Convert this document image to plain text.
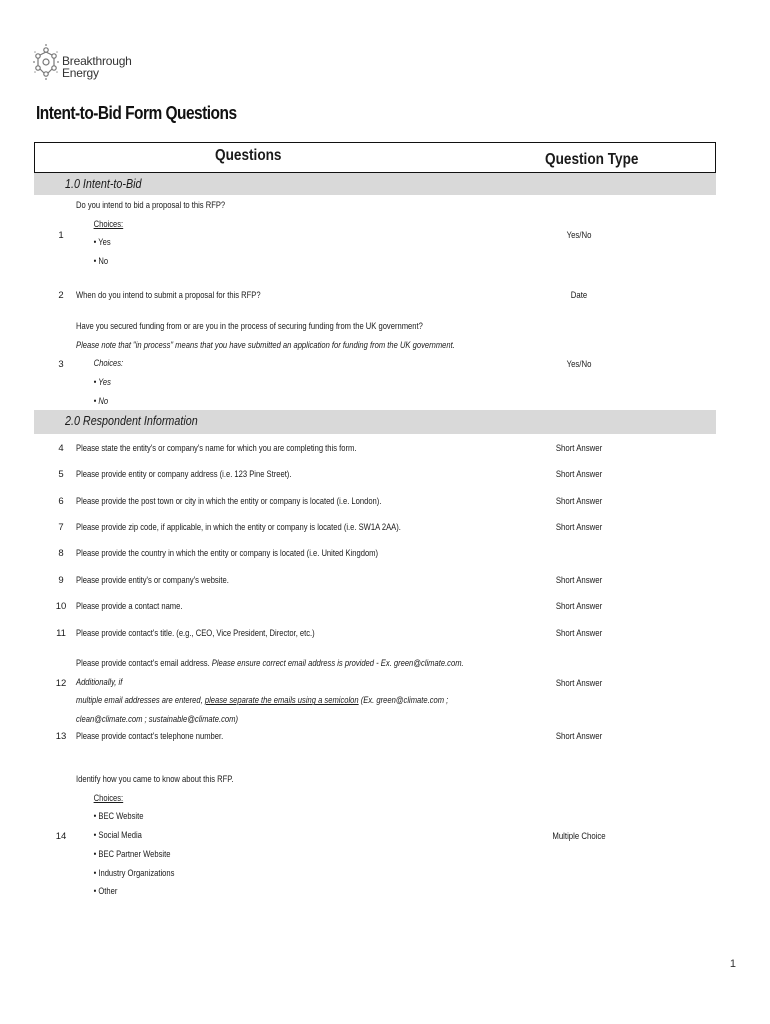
Breakthrough
Energy
Intent-to-Bid Form Questions
Questions	Question Type
1.0 Intent-to-Bid
Do you intend to bid a proposal to this RFP?
Choices:
• Yes
• No
1	Yes/No
2	When do you intend to submit a proposal for this RFP?	Date
Have you secured funding from or are you in the process of securing funding from the UK government?
Please note that "in process" means that you have submitted an application for funding from the UK government.
Choices:
• Yes
• No
3	Yes/No
2.0 Respondent Information
4	Please state the entity's or company's name for which you are completing this form.	Short Answer
5	Please provide entity or company address (i.e. 123 Pine Street).	Short Answer
6	Please provide the post town or city in which the entity or company is located (i.e. London).	Short Answer
7	Please provide zip code, if applicable, in which the entity or company is located (i.e. SW1A 2AA).	Short Answer
8	Please provide the country in which the entity or company is located (i.e. United Kingdom)
9	Please provide entity's or company's website.	Short Answer
10	Please provide a contact name.	Short Answer
11	Please provide contact's title. (e.g., CEO, Vice President, Director, etc.)	Short Answer
Please provide contact's email address. Please ensure correct email address is provided - Ex. green@climate.com. Additionally, if
multiple email addresses are entered, please separate the emails using a semicolon (Ex. green@climate.com ;
clean@climate.com ; sustainable@climate.com)
12	Short Answer
13	Please provide contact's telephone number.	Short Answer
Identify how you came to know about this RFP.
Choices:
• BEC Website
• Social Media
• BEC Partner Website
• Industry Organizations
• Other
14	Multiple Choice
1
